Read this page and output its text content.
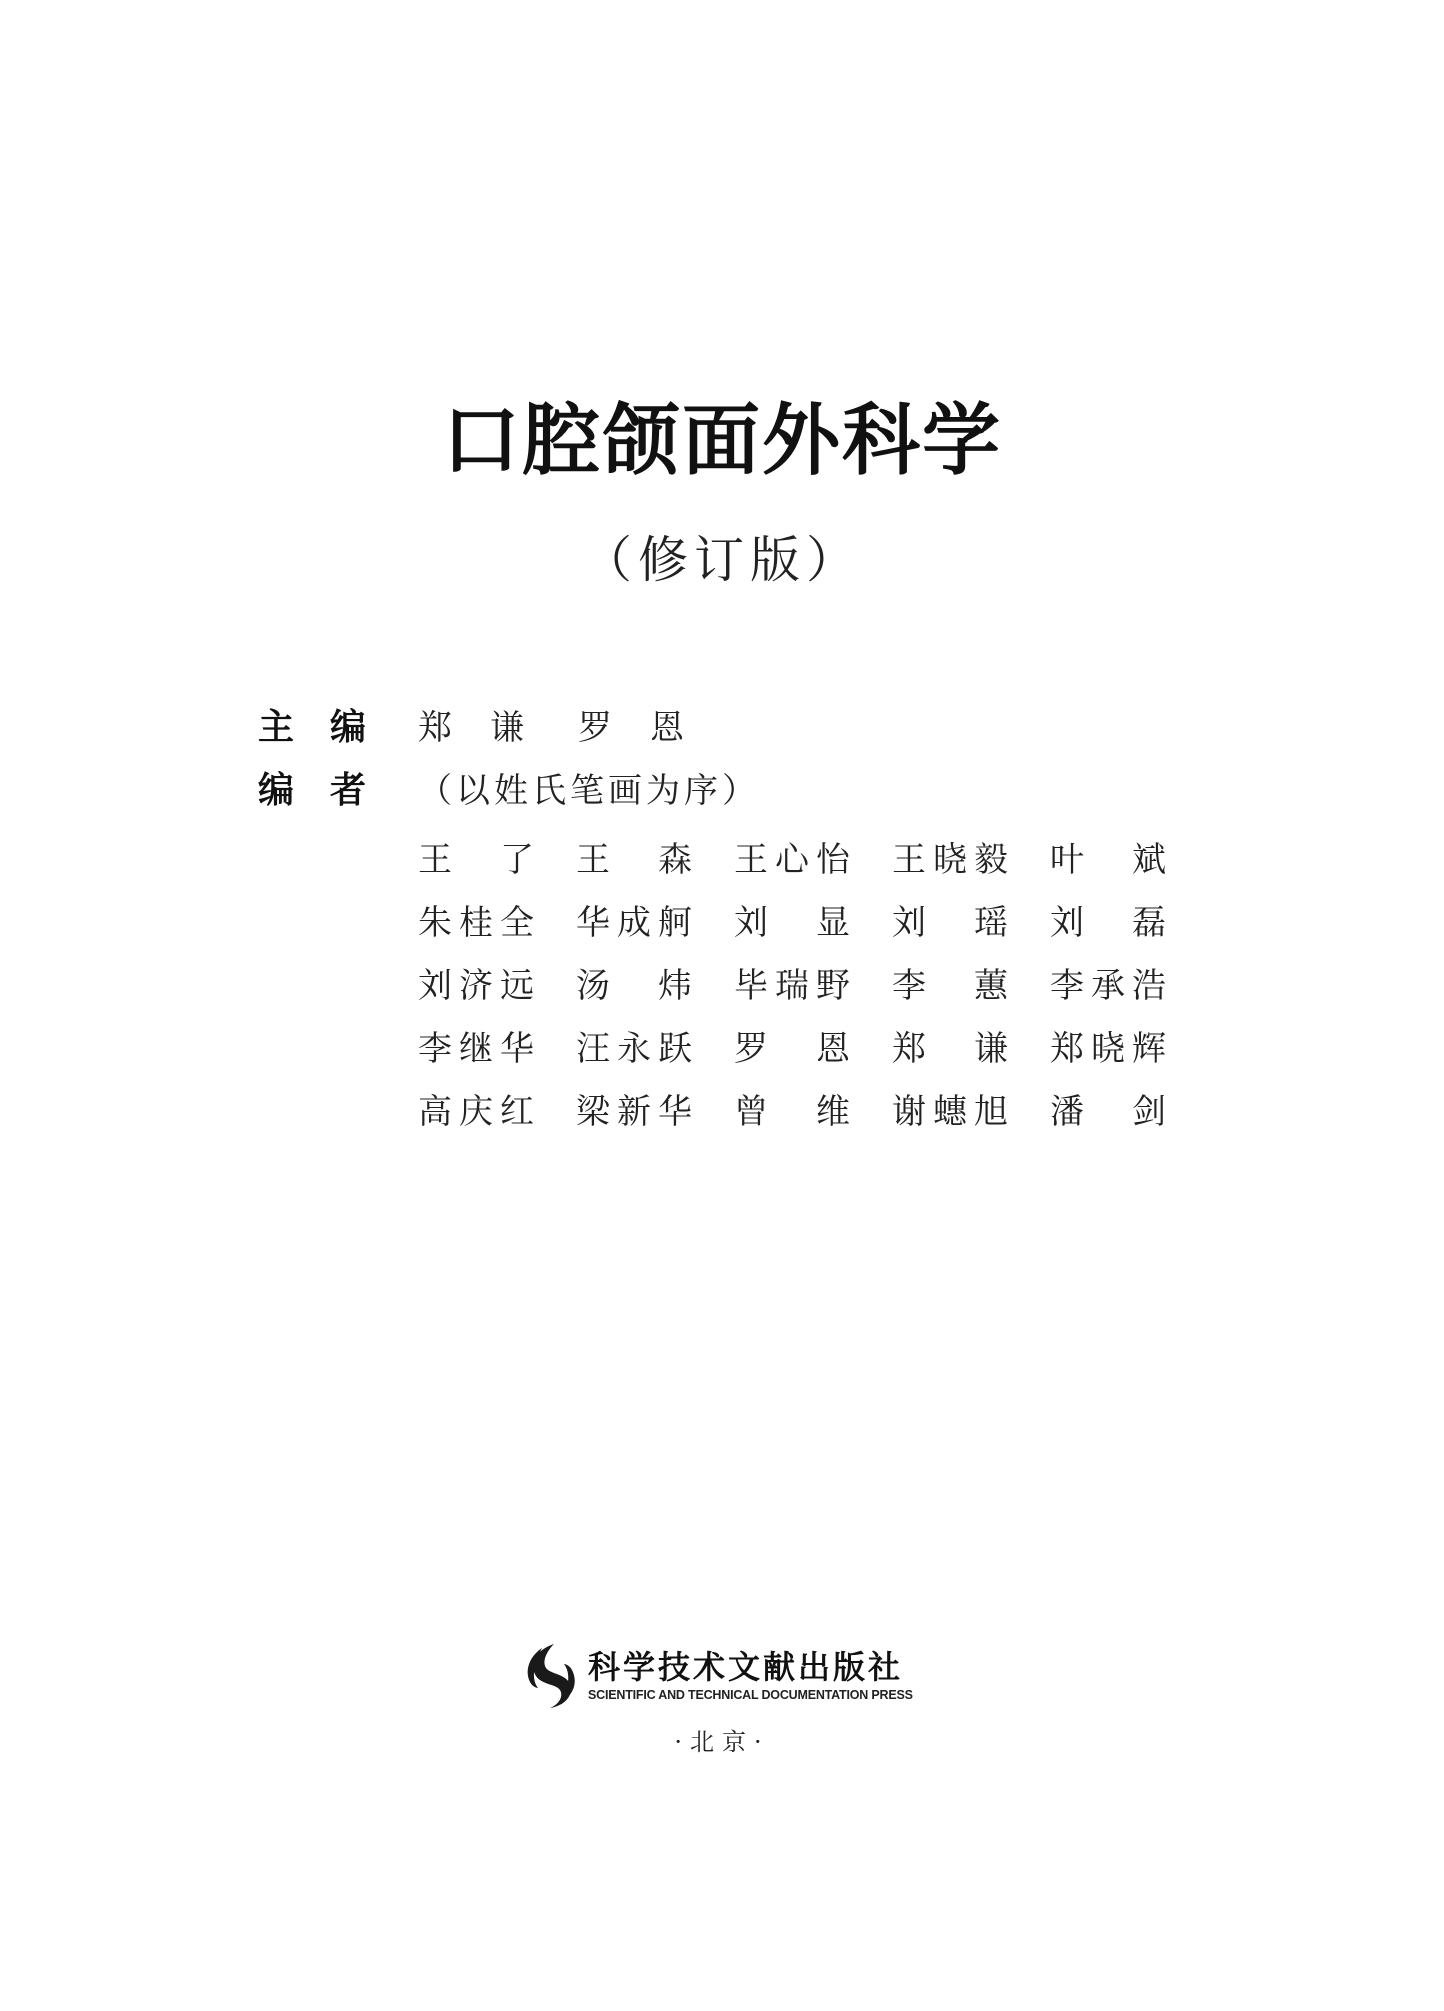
口腔颌面外科学
（修订版）
主编 郑谦 罗恩
编者 （以姓氏笔画为序）
王 了 王 森 王 心 怡 王 晓 毅 叶 斌
朱 桂 全 华 成 舸 刘 显 刘 瑶 刘 磊
刘 济 远 汤 炜 毕 瑞 野 李 蕙 李 承 浩
李 继 华 汪 永 跃 罗 恩 郑 谦 郑 晓 辉
高 庆 红 梁 新 华 曾 维 谢 蟪 旭 潘 剑
科学技术文献出版社
SCIENTIFIC AND TECHNICAL DOCUMENTATION PRESS
·北京·
